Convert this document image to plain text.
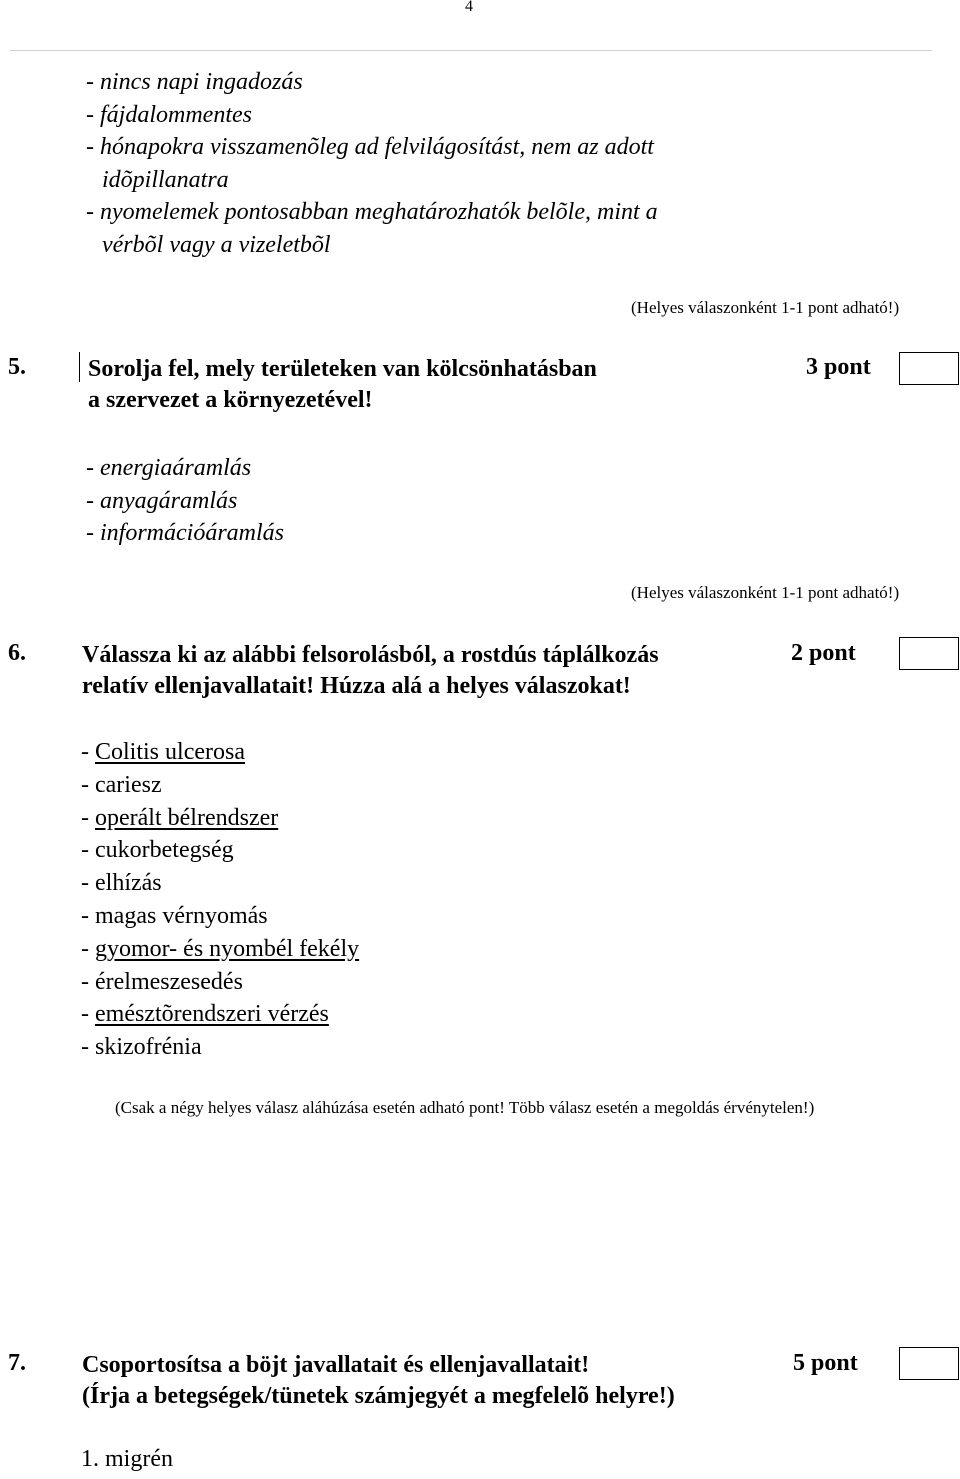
4
- nincs napi ingadozás
- fájdalommentes
- hónapokra visszamenõleg ad felvilágosítást, nem az adott
idõpillanatra
- nyomelemek pontosabban meghatározhatók belõle, mint a
vérbõl vagy a vizeletbõl
(Helyes válaszonként 1-1 pont adható!)
5.	Sorolja fel, mely területeken van kölcsönhatásban
a szervezet a környezetével!
3 pont
- energiaáramlás
- anyagáramlás
- információáramlás
(Helyes válaszonként 1-1 pont adható!)
6. Válassza ki az alábbi felsorolásból, a rostdús táplálkozás
relatív ellenjavallatait! Húzza alá a helyes válaszokat!
2 pont
- Colitis ulcerosa
- cariesz
- operált bélrendszer
- cukorbetegség
- elhízás
- magas vérnyomás
- gyomor- és nyombél fekély
- érelmeszesedés
- emésztõrendszeri vérzés
- skizofrénia
(Csak a négy helyes válasz aláhúzása esetén adható pont! Több válasz esetén a megoldás érvénytelen!)
7. Csoportosítsa a böjt javallatait és ellenjavallatait!
(Írja a betegségek/tünetek számjegyét a megfelelõ helyre!)
5 pont
1. migrén
